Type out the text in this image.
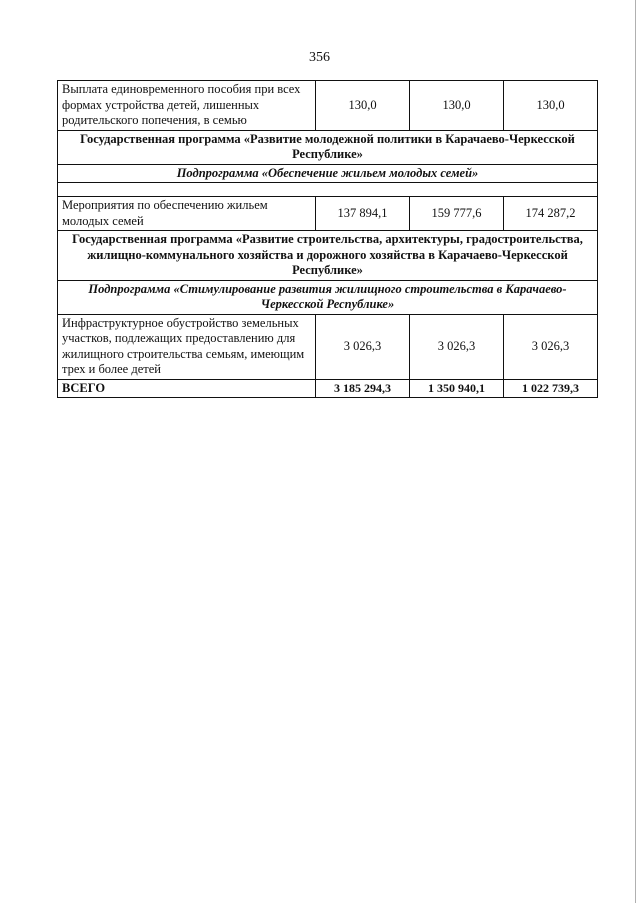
356
Выплата единовременного пособия при всех формах устройства детей, лишенных родительского попечения, в семью	130,0	130,0	130,0
Государственная программа «Развитие молодежной политики в Карачаево-Черкесской Республике»			
Подпрограмма «Обеспечение жильем молодых семей»			

Мероприятия по обеспечению жильем молодых семей	137 894,1	159 777,6	174 287,2
Государственная программа «Развитие строительства, архитектуры, градостроительства, жилищно-коммунального хозяйства и дорожного хозяйства в Карачаево-Черкесской Республике»			
Подпрограмма «Стимулирование развития жилищного строительства в Карачаево-Черкесской Республике»			
Инфраструктурное обустройство земельных участков, подлежащих предоставлению для жилищного строительства семьям, имеющим трех и более детей	3 026,3	3 026,3	3 026,3
ВСЕГО	3 185 294,3	1 350 940,1	1 022 739,3
